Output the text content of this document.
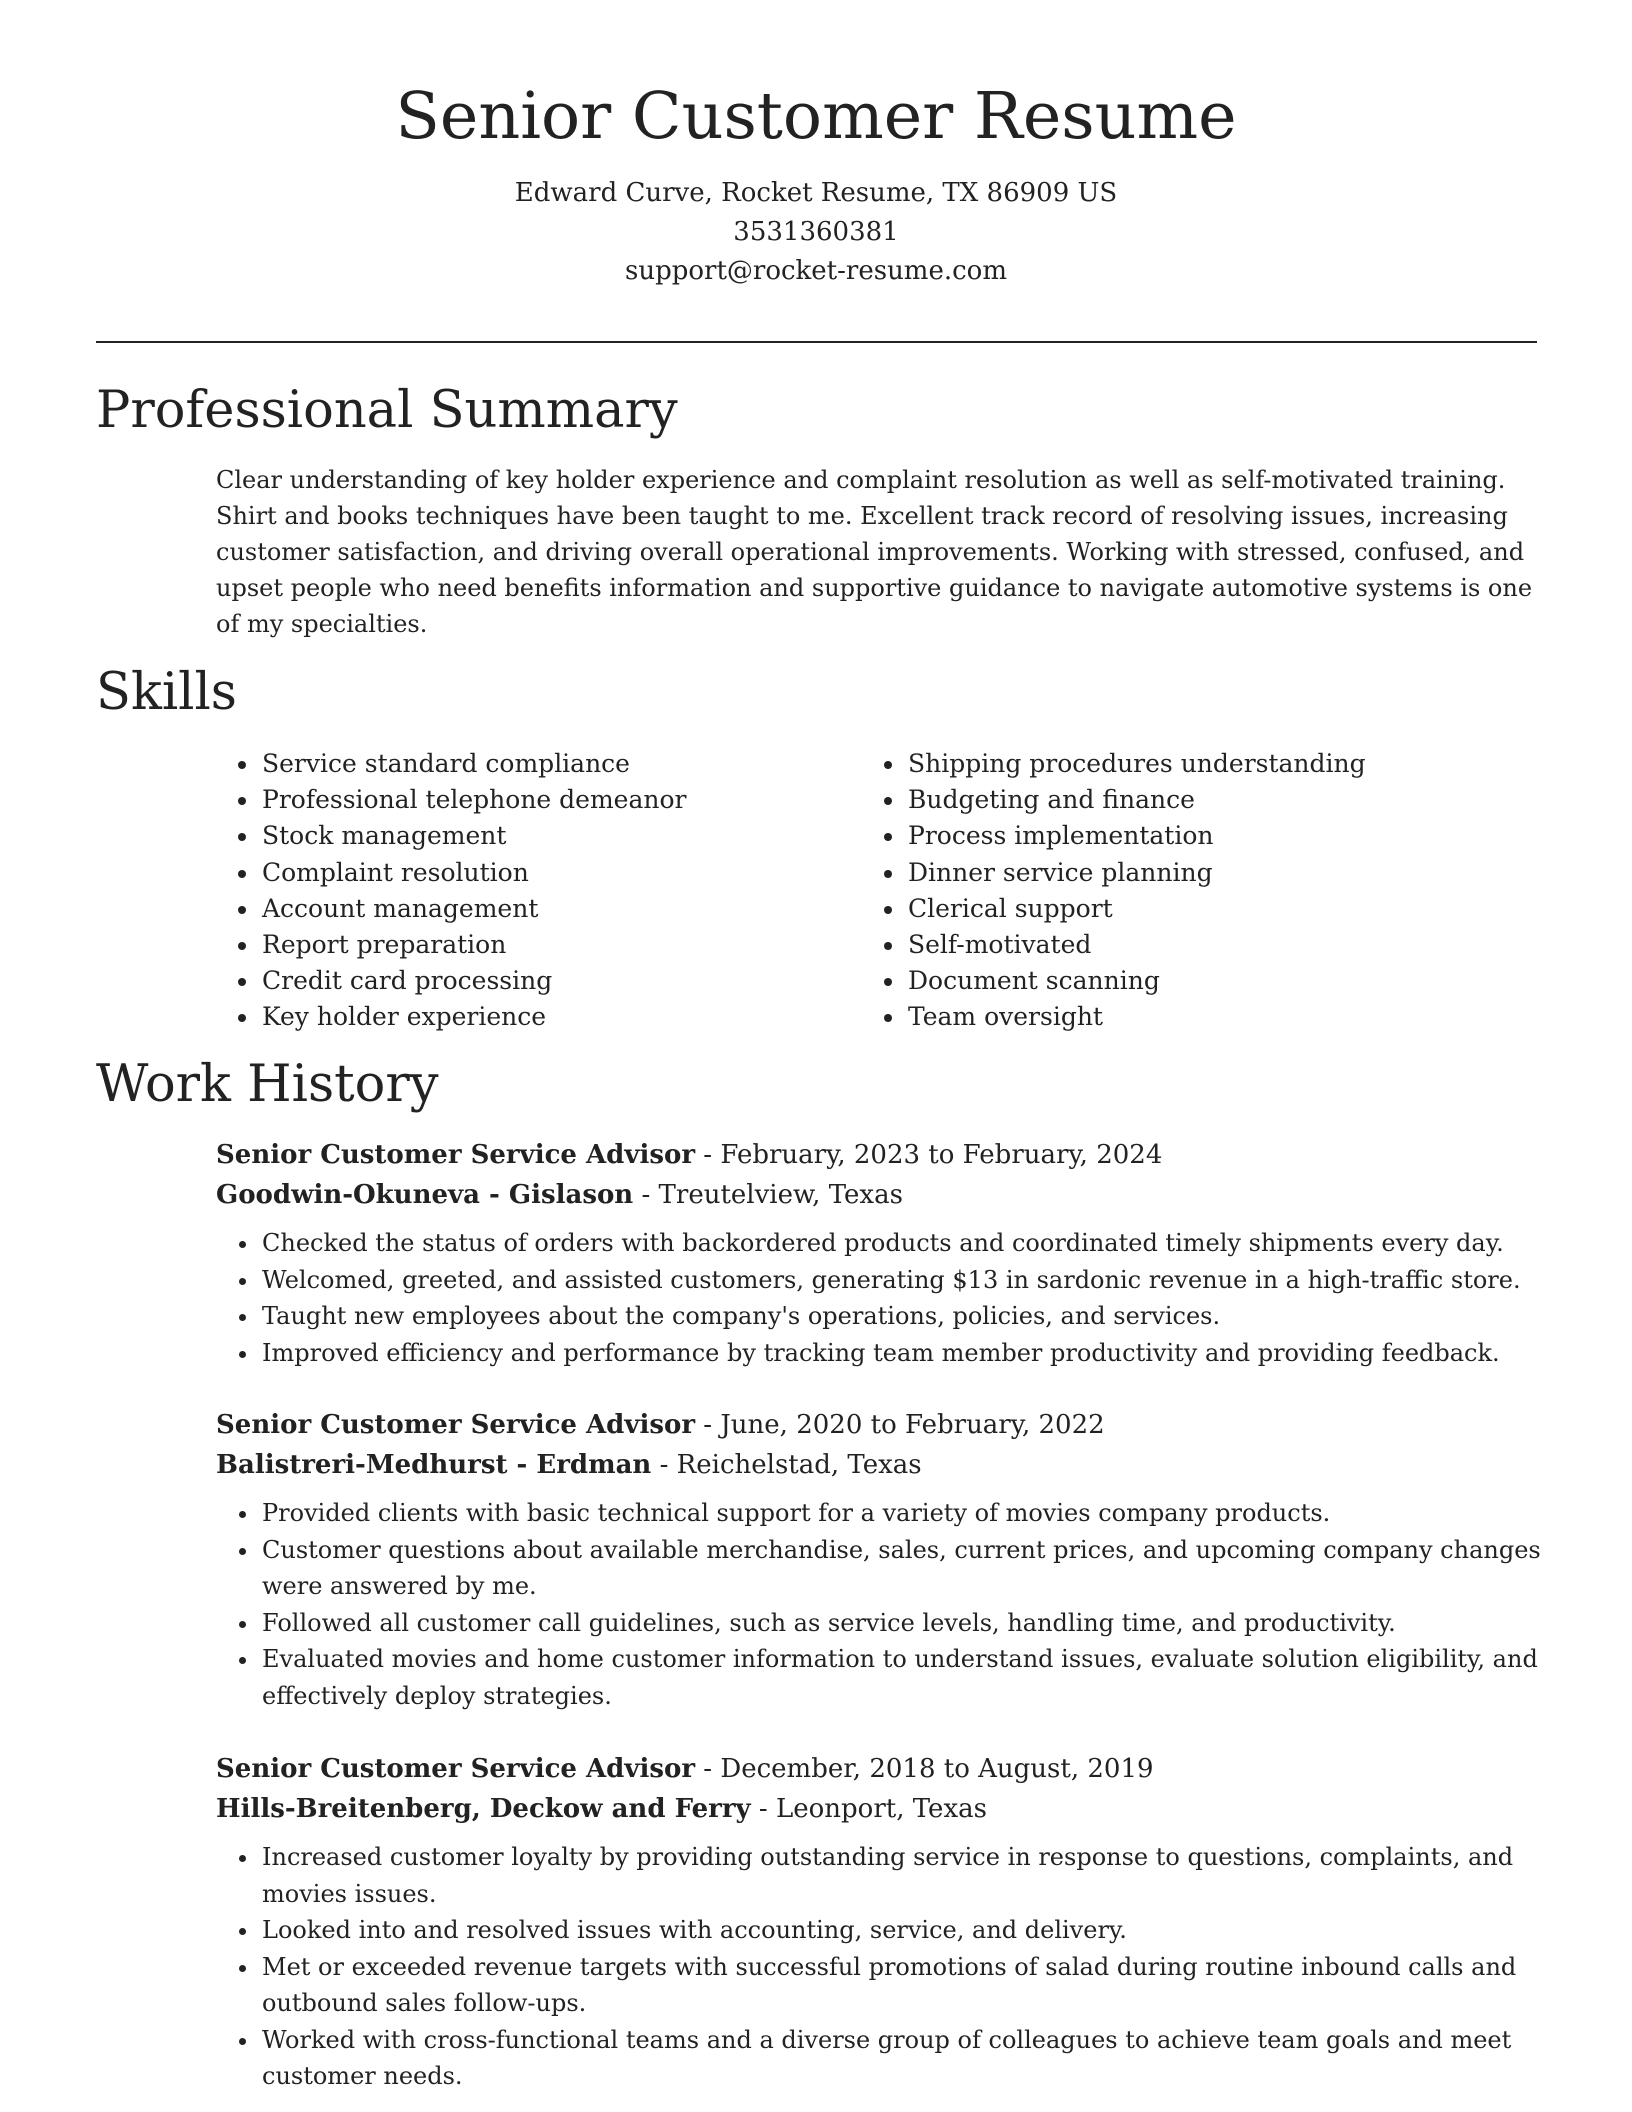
Senior Customer Resume
Edward Curve, Rocket Resume, TX 86909 US
3531360381
support@rocket-resume.com
Professional Summary
Clear understanding of key holder experience and complaint resolution as well as self-motivated training. Shirt and books techniques have been taught to me. Excellent track record of resolving issues, increasing customer satisfaction, and driving overall operational improvements. Working with stressed, confused, and upset people who need benefits information and supportive guidance to navigate automotive systems is one of my specialties.
Skills
• Service standard compliance
• Professional telephone demeanor
• Stock management
• Complaint resolution
• Account management
• Report preparation
• Credit card processing
• Key holder experience
• Shipping procedures understanding
• Budgeting and finance
• Process implementation
• Dinner service planning
• Clerical support
• Self-motivated
• Document scanning
• Team oversight
Work History
Senior Customer Service Advisor - February, 2023 to February, 2024
Goodwin-Okuneva - Gislason - Treutelview, Texas
• Checked the status of orders with backordered products and coordinated timely shipments every day.
• Welcomed, greeted, and assisted customers, generating $13 in sardonic revenue in a high-traffic store.
• Taught new employees about the company's operations, policies, and services.
• Improved efficiency and performance by tracking team member productivity and providing feedback.
Senior Customer Service Advisor - June, 2020 to February, 2022
Balistreri-Medhurst - Erdman - Reichelstad, Texas
• Provided clients with basic technical support for a variety of movies company products.
• Customer questions about available merchandise, sales, current prices, and upcoming company changes were answered by me.
• Followed all customer call guidelines, such as service levels, handling time, and productivity.
• Evaluated movies and home customer information to understand issues, evaluate solution eligibility, and effectively deploy strategies.
Senior Customer Service Advisor - December, 2018 to August, 2019
Hills-Breitenberg, Deckow and Ferry - Leonport, Texas
• Increased customer loyalty by providing outstanding service in response to questions, complaints, and movies issues.
• Looked into and resolved issues with accounting, service, and delivery.
• Met or exceeded revenue targets with successful promotions of salad during routine inbound calls and outbound sales follow-ups.
• Worked with cross-functional teams and a diverse group of colleagues to achieve team goals and meet customer needs.
